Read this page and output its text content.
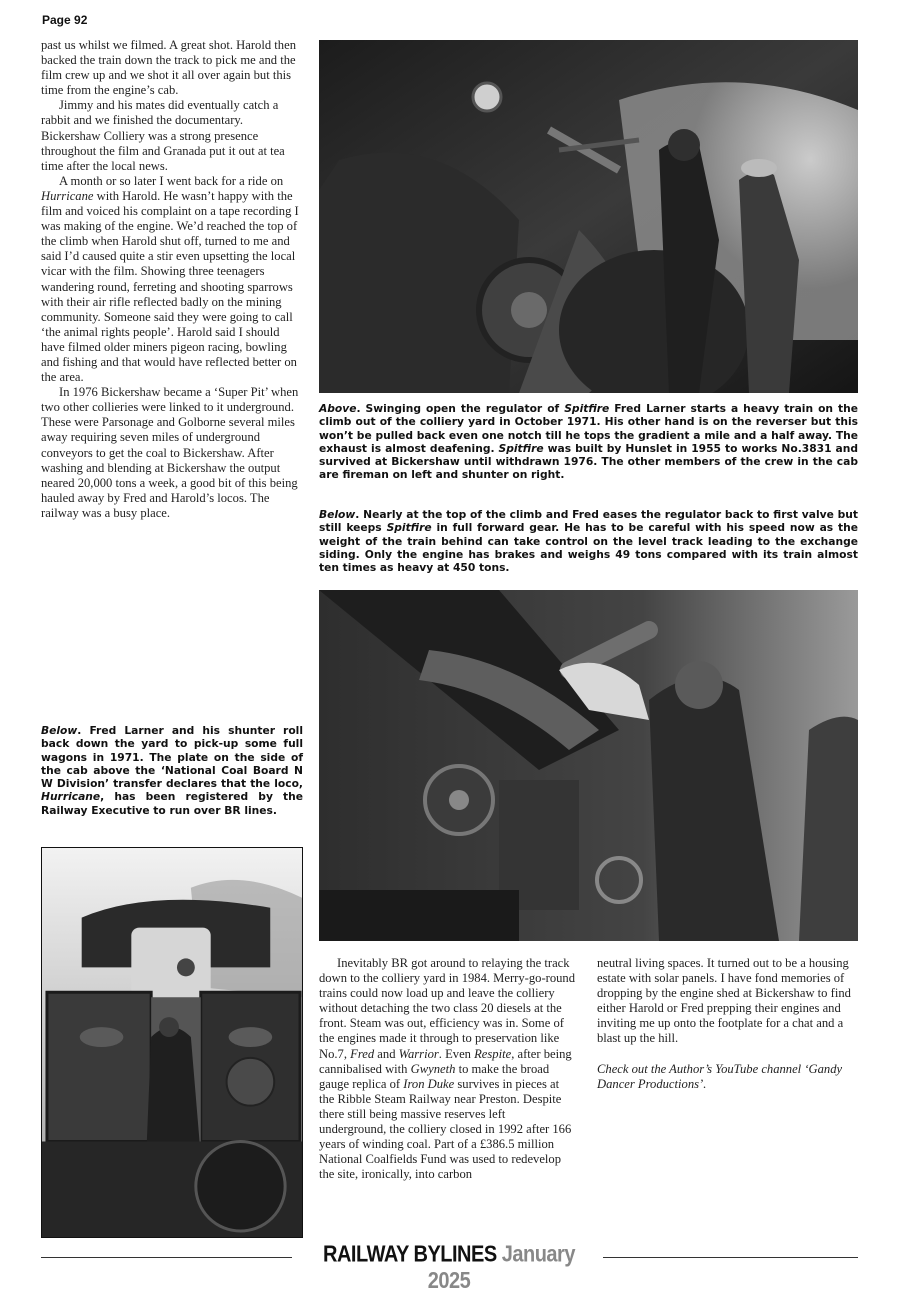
Page 92

past us whilst we filmed. A great shot. Harold then backed the train down the track to pick me and the film crew up and we shot it all over again but this time from the engine’s cab.

Jimmy and his mates did eventually catch a rabbit and we finished the documentary. Bickershaw Colliery was a strong presence throughout the film and Granada put it out at tea time after the local news.

A month or so later I went back for a ride on Hurricane with Harold. He wasn’t happy with the film and voiced his complaint on a tape recording I was making of the engine. We’d reached the top of the climb when Harold shut off, turned to me and said I’d caused quite a stir even upsetting the local vicar with the film. Showing three teenagers wandering round, ferreting and shooting sparrows with their air rifle reflected badly on the mining community. Someone said they were going to call ‘the animal rights people’. Harold said I should have filmed older miners pigeon racing, bowling and fishing and that would have reflected better on the area.

In 1976 Bickershaw became a ‘Super Pit’ when two other collieries were linked to it underground. These were Parsonage and Golborne several miles away requiring seven miles of underground conveyors to get the coal to Bickershaw. After washing and blending at Bickershaw the output neared 20,000 tons a week, a good bit of this being hauled away by Fred and Harold’s locos. The railway was a busy place.

Below. Fred Larner and his shunter roll back down the yard to pick-up some full wagons in 1971. The plate on the side of the cab above the ‘National Coal Board N W Division’ transfer declares that the loco, Hurricane, has been registered by the Railway Executive to run over BR lines.
Above. Swinging open the regulator of Spitfire Fred Larner starts a heavy train on the climb out of the colliery yard in October 1971. His other hand is on the reverser but this won’t be pulled back even one notch till he tops the gradient a mile and a half away. The exhaust is almost deafening. Spitfire was built by Hunslet in 1955 to works No.3831 and survived at Bickershaw until withdrawn 1976. The other members of the crew in the cab are fireman on left and shunter on right.
Below. Nearly at the top of the climb and Fred eases the regulator back to first valve but still keeps Spitfire in full forward gear. He has to be careful with his speed now as the weight of the train behind can take control on the level track leading to the exchange siding. Only the engine has brakes and weighs 49 tons compared with its train almost ten times as heavy at 450 tons.

Inevitably BR got around to relaying the track down to the colliery yard in 1984. Merry-go-round trains could now load up and leave the colliery without detaching the two class 20 diesels at the front. Steam was out, efficiency was in. Some of the engines made it through to preservation like No.7, Fred and Warrior. Even Respite, after being cannibalised with Gwyneth to make the broad gauge replica of Iron Duke survives in pieces at the Ribble Steam Railway near Preston. Despite there still being massive reserves left underground, the colliery closed in 1992 after 166 years of winding coal. Part of a £386.5 million National Coalfields Fund was used to redevelop the site, ironically, into carbon

neutral living spaces. It turned out to be a housing estate with solar panels. I have fond memories of dropping by the engine shed at Bickershaw to find either Harold or Fred prepping their engines and inviting me up onto the footplate for a chat and a blast up the hill.

Check out the Author’s YouTube channel ‘Gandy Dancer Productions’.

RAILWAY BYLINES January 2025
